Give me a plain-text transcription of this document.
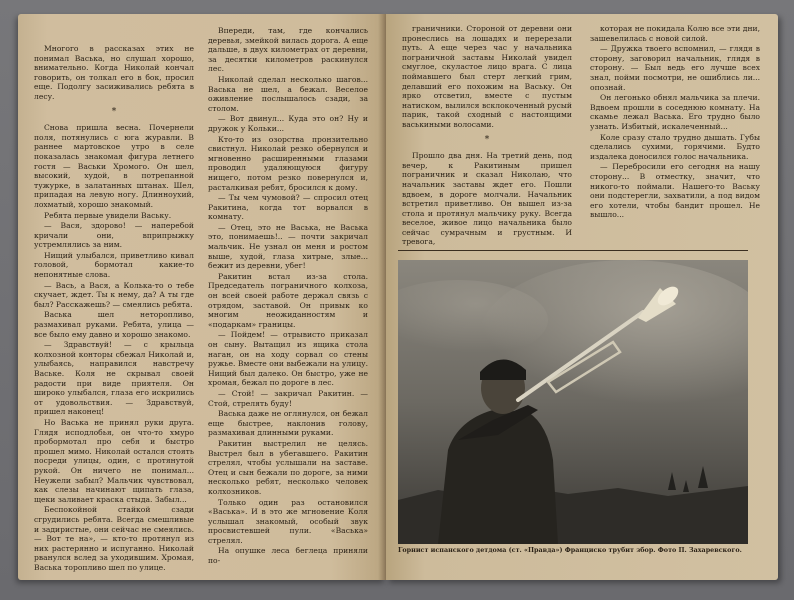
Многого в рассказах этих не понимал Васька, но слушал хорошо, внимательно. Когда Николай кончал говорить, он толкал его в бок, просил еще. Подолгу засиживались ребята в лесу.

*

Снова пришла весна. Почернели поля, потянулись с юга журавли. В раннее мартовское утро в селе показалась знакомая фигура летнего гостя — Васьки Хромого. Он шел, высокий, худой, в потрепанной тужурке, в залатанных штанах. Шел, припадая на левую ногу. Длинноухий, лохматый, хорошо знакомый.

Ребята первые увидели Ваську.

— Вася, здорово! — наперебой кричали они, вприпрыжку устремлялись за ним.

Нищий улыбался, приветливо кивал головой, бормотал какие-то непонятные слова.

— Вась, а Вася, а Колька-то о тебе скучает, ждет. Ты к нему, да? А ты где был? Расскажешь? — смеялись ребята.

Васька шел неторопливо, размахивал руками. Ребята, улица — все было ему давно и хорошо знакомо.

— Здравствуй! — с крыльца колхозной конторы сбежал Николай и, улыбаясь, направился навстречу Ваське. Коля не скрывал своей радости при виде приятеля. Он широко улыбался, глаза его искрились от удовольствия. — Здравствуй, пришел наконец!

Но Васька не принял руки друга. Глядя исподлобья, он что-то хмуро пробормотал про себя и быстро прошел мимо. Николай остался стоять посреди улицы, один, с протянутой рукой. Он ничего не понимал... Неужели забыл? Мальчик чувствовал, как слезы начинают щипать глаза, щеки заливает краска стыда. Забыл...

Беспокойной стайкой сзади сгрудились ребята. Всегда смешливые и задиристые, они сейчас не смеялись. — Вот те на», — кто-то протянул из них растерянно и испуганно. Николай рванулся вслед за уходившим. Хромая, Васька торопливо шел по улице.

Впереди, там, где кончались деревья, змейкой вилась дорога. А еще дальше, в двух километрах от деревни, за десятки километров раскинулся лес.

Николай сделал несколько шагов... Васька не шел, а бежал. Веселое оживление послышалось сзади, за столом.

— Вот двинул... Куда это он? Ну и дружок у Кольки...

Кто-то из озорства пронзительно свистнул. Николай резко обернулся и мгновенно расширенными глазами проводил удаляющуюся фигуру нищего, потом резко повернулся и, расталкивая ребят, бросился к дому.

— Ты чем чумовой? — спросил отец Ракитина, когда тот ворвался в комнату.

— Отец, это не Васька, не Васька это, понимаешь!.. — почти закричал мальчик. Не узнал он меня и ростом выше, худой, глаза хитрые, злые... бежит из деревни, убег!

Ракитин встал из-за стола. Председатель пограничного колхоза, он всей своей работе держал связь с отрядом, заставой. Он привык ко многим неожиданностям и «подаркам» границы.

— Пойдем! — отрывисто приказал он сыну. Вытащил из ящика стола наган, он на ходу сорвал со стены ружье. Вместе они выбежали на улицу. Нищий был далеко. Он быстро, уже не хромая, бежал по дороге в лес.

— Стой! — закричал Ракитин. — Стой, стрелять буду!

Васька даже не оглянулся, он бежал еще быстрее, наклонив голову, размахивая длинными руками.

Ракитин выстрелил не целясь. Выстрел был в убегавшего. Ракитин стрелял, чтобы услышали на заставе. Отец и сын бежали по дороге, за ними несколько ребят, несколько человек колхозников.

Только один раз остановился «Васька». И в это же мгновение Коля услышал знакомый, особый звук просвистевшей пули. «Васька» стрелял.

На опушке леса беглеца приняли по-

граничники. Стороной от деревни они пронеслись на лошадях и перерезали путь. А еще через час у начальника пограничной заставы Николай увидел смуглое, скуластое лицо врага. С лица поймавшего был стерт легкий грим, делавший его похожим на Ваську. Он ярко отсветил, вместе с пустым натиском, вылился всклокоченный русый парик, такой сходный с настоящими васькиными волосами.

*

Прошло два дня. На третий день, под вечер, к Ракитиным пришел пограничник и сказал Николаю, что начальник заставы ждет его. Пошли вдвоем, в дороге молчали. Начальник встретил приветливо. Он вышел из-за стола и протянул мальчику руку. Всегда веселое, живое лицо начальника было сейчас сумрачным и грустным. И тревога,

которая не покидала Колю все эти дни, зашевелилась с новой силой.

— Дружка твоего вспомнил, — глядя в сторону, заговорил начальник, глядя в сторону. — Был ведь его лучше всех знал, пойми посмотри, не ошиблись ли... опознай.

Он легонько обнял мальчика за плечи. Вдвоем прошли в соседнюю комнату. На скамье лежал Васька. Его трудно было узнать. Избитый, искалеченный...

Коле сразу стало трудно дышать. Губы сделались сухими, горячими. Будто издалека доносился голос начальника.

— Перебросили его сегодня на нашу сторону... В отместку, значит, что никого-то поймали. Нашего-то Ваську они подстерегли, захватили, а под видом его хотели, чтобы бандит прошел. Не вышло...

Горнист испанского детдома (ст. «Правда») Франциско трубит збор. Фото П. Захаревского.
